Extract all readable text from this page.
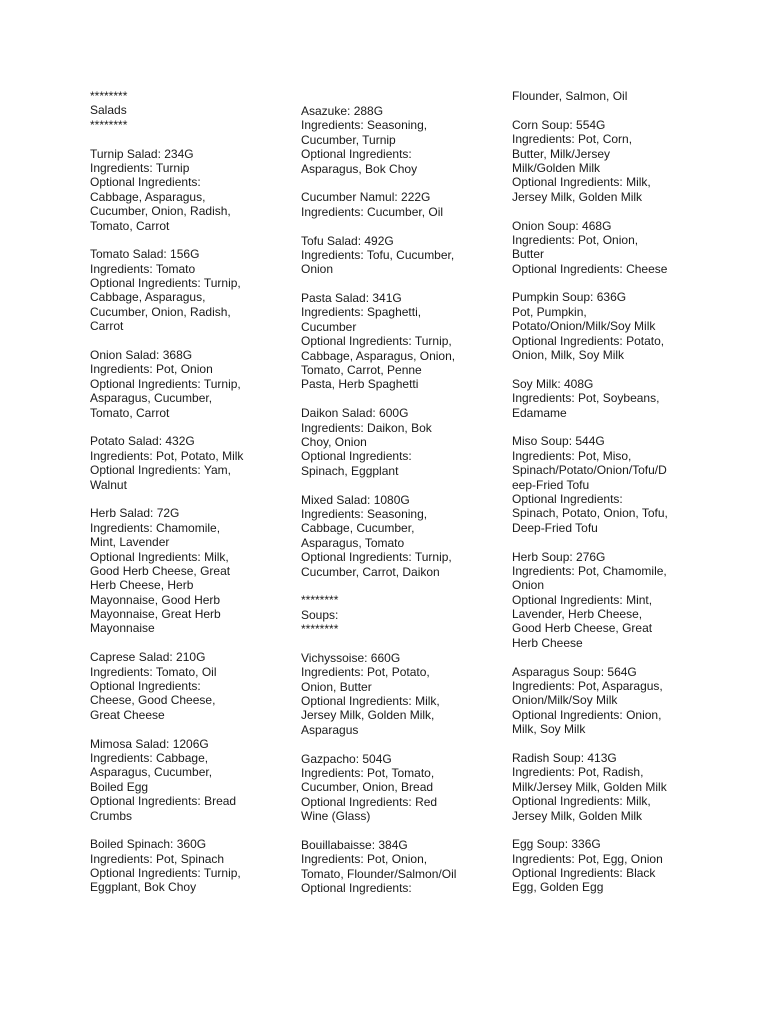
********
Salads
********
Turnip Salad: 234G
Ingredients: Turnip
Optional Ingredients:
Cabbage, Asparagus,
Cucumber, Onion, Radish,
Tomato, Carrot
Tomato Salad: 156G
Ingredients: Tomato
Optional Ingredients: Turnip,
Cabbage, Asparagus,
Cucumber, Onion, Radish,
Carrot
Onion Salad: 368G
Ingredients: Pot, Onion
Optional Ingredients: Turnip,
Asparagus, Cucumber,
Tomato, Carrot
Potato Salad: 432G
Ingredients: Pot, Potato, Milk
Optional Ingredients: Yam,
Walnut
Herb Salad: 72G
Ingredients: Chamomile,
Mint, Lavender
Optional Ingredients: Milk,
Good Herb Cheese, Great
Herb Cheese, Herb
Mayonnaise, Good Herb
Mayonnaise, Great Herb
Mayonnaise
Caprese Salad: 210G
Ingredients: Tomato, Oil
Optional Ingredients:
Cheese, Good Cheese,
Great Cheese
Mimosa Salad: 1206G
Ingredients: Cabbage,
Asparagus, Cucumber,
Boiled Egg
Optional Ingredients: Bread
Crumbs
Boiled Spinach: 360G
Ingredients: Pot, Spinach
Optional Ingredients: Turnip,
Eggplant, Bok Choy
Asazuke: 288G
Ingredients: Seasoning,
Cucumber, Turnip
Optional Ingredients:
Asparagus, Bok Choy
Cucumber Namul: 222G
Ingredients: Cucumber, Oil
Tofu Salad: 492G
Ingredients: Tofu, Cucumber,
Onion
Pasta Salad: 341G
Ingredients: Spaghetti,
Cucumber
Optional Ingredients: Turnip,
Cabbage, Asparagus, Onion,
Tomato, Carrot, Penne
Pasta, Herb Spaghetti
Daikon Salad: 600G
Ingredients: Daikon, Bok
Choy, Onion
Optional Ingredients:
Spinach, Eggplant
Mixed Salad: 1080G
Ingredients: Seasoning,
Cabbage, Cucumber,
Asparagus, Tomato
Optional Ingredients: Turnip,
Cucumber, Carrot, Daikon
********
Soups:
********
Vichyssoise: 660G
Ingredients: Pot, Potato,
Onion, Butter
Optional Ingredients: Milk,
Jersey Milk, Golden Milk,
Asparagus
Gazpacho: 504G
Ingredients: Pot, Tomato,
Cucumber, Onion, Bread
Optional Ingredients: Red
Wine (Glass)
Bouillabaisse: 384G
Ingredients: Pot, Onion,
Tomato, Flounder/Salmon/Oil
Optional Ingredients:
Flounder, Salmon, Oil
Corn Soup: 554G
Ingredients: Pot, Corn,
Butter, Milk/Jersey
Milk/Golden Milk
Optional Ingredients: Milk,
Jersey Milk, Golden Milk
Onion Soup: 468G
Ingredients: Pot, Onion,
Butter
Optional Ingredients: Cheese
Pumpkin Soup: 636G
Pot, Pumpkin,
Potato/Onion/Milk/Soy Milk
Optional Ingredients: Potato,
Onion, Milk, Soy Milk
Soy Milk: 408G
Ingredients: Pot, Soybeans,
Edamame
Miso Soup: 544G
Ingredients: Pot, Miso,
Spinach/Potato/Onion/Tofu/D
eep-Fried Tofu
Optional Ingredients:
Spinach, Potato, Onion, Tofu,
Deep-Fried Tofu
Herb Soup: 276G
Ingredients: Pot, Chamomile,
Onion
Optional Ingredients: Mint,
Lavender, Herb Cheese,
Good Herb Cheese, Great
Herb Cheese
Asparagus Soup: 564G
Ingredients: Pot, Asparagus,
Onion/Milk/Soy Milk
Optional Ingredients: Onion,
Milk, Soy Milk
Radish Soup: 413G
Ingredients: Pot, Radish,
Milk/Jersey Milk, Golden Milk
Optional Ingredients: Milk,
Jersey Milk, Golden Milk
Egg Soup: 336G
Ingredients: Pot, Egg, Onion
Optional Ingredients: Black
Egg, Golden Egg
